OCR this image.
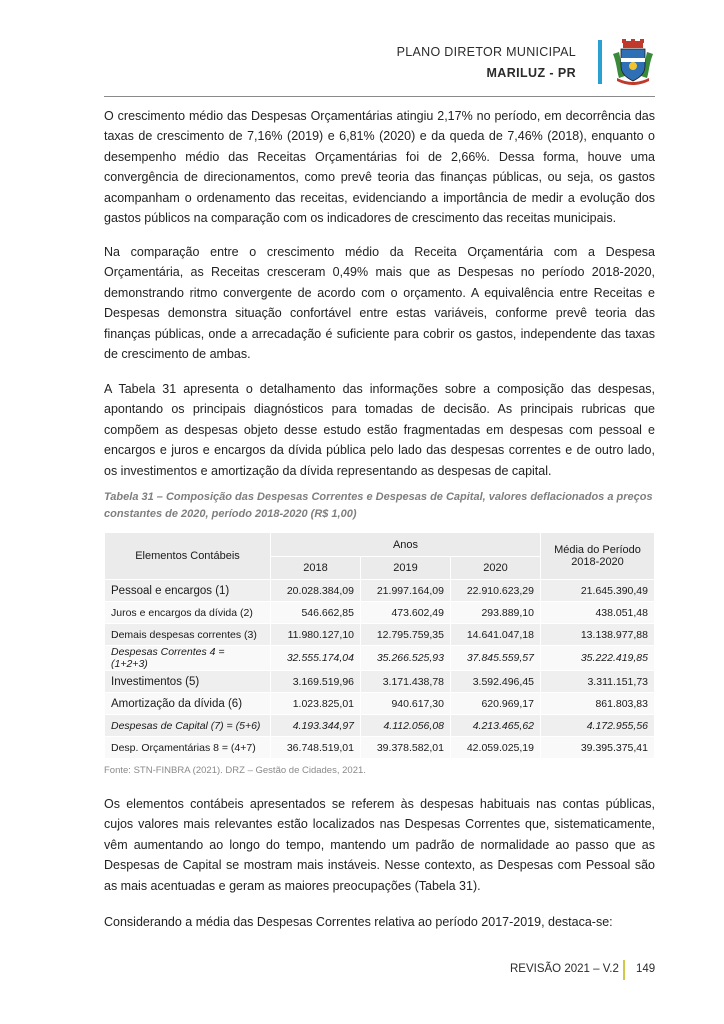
PLANO DIRETOR MUNICIPAL
MARILUZ - PR

O crescimento médio das Despesas Orçamentárias atingiu 2,17% no período, em decorrência das taxas de crescimento de 7,16% (2019) e 6,81% (2020) e da queda de 7,46% (2018), enquanto o desempenho médio das Receitas Orçamentárias foi de 2,66%. Dessa forma, houve uma convergência de direcionamentos, como prevê teoria das finanças públicas, ou seja, os gastos acompanham o ordenamento das receitas, evidenciando a importância de medir a evolução dos gastos públicos na comparação com os indicadores de crescimento das receitas municipais.

Na comparação entre o crescimento médio da Receita Orçamentária com a Despesa Orçamentária, as Receitas cresceram 0,49% mais que as Despesas no período 2018-2020, demonstrando ritmo convergente de acordo com o orçamento. A equivalência entre Receitas e Despesas demonstra situação confortável entre estas variáveis, conforme prevê teoria das finanças públicas, onde a arrecadação é suficiente para cobrir os gastos, independente das taxas de crescimento de ambas.

A Tabela 31 apresenta o detalhamento das informações sobre a composição das despesas, apontando os principais diagnósticos para tomadas de decisão. As principais rubricas que compõem as despesas objeto desse estudo estão fragmentadas em despesas com pessoal e encargos e juros e encargos da dívida pública pelo lado das despesas correntes e de outro lado, os investimentos e amortização da dívida representando as despesas de capital.

Tabela 31 – Composição das Despesas Correntes e Despesas de Capital, valores deflacionados a preços constantes de 2020, período 2018-2020 (R$ 1,00)
Elementos Contábeis	Anos			Média do Período 2018-2020
	2018	2019	2020	
Pessoal e encargos (1)	20.028.384,09	21.997.164,09	22.910.623,29	21.645.390,49
Juros e encargos da dívida (2)	546.662,85	473.602,49	293.889,10	438.051,48
Demais despesas correntes (3)	11.980.127,10	12.795.759,35	14.641.047,18	13.138.977,88
Despesas Correntes 4 = (1+2+3)	32.555.174,04	35.266.525,93	37.845.559,57	35.222.419,85
Investimentos (5)	3.169.519,96	3.171.438,78	3.592.496,45	3.311.151,73
Amortização da dívida (6)	1.023.825,01	940.617,30	620.969,17	861.803,83
Despesas de Capital (7) = (5+6)	4.193.344,97	4.112.056,08	4.213.465,62	4.172.955,56
Desp. Orçamentárias 8 = (4+7)	36.748.519,01	39.378.582,01	42.059.025,19	39.395.375,41
Fonte: STN-FINBRA (2021). DRZ – Gestão de Cidades, 2021.

Os elementos contábeis apresentados se referem às despesas habituais nas contas públicas, cujos valores mais relevantes estão localizados nas Despesas Correntes que, sistematicamente, vêm aumentando ao longo do tempo, mantendo um padrão de normalidade ao passo que as Despesas de Capital se mostram mais instáveis. Nesse contexto, as Despesas com Pessoal são as mais acentuadas e geram as maiores preocupações (Tabela 31).

Considerando a média das Despesas Correntes relativa ao período 2017-2019, destaca-se:

REVISÃO 2021 – V.2 149
